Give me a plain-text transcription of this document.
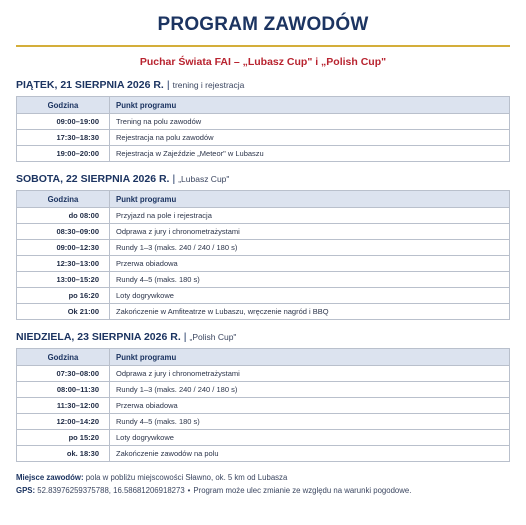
PROGRAM ZAWODÓW
Puchar Świata FAI – „Lubasz Cup" i „Polish Cup"
PIĄTEK, 21 SIERPNIA 2026 R. | trening i rejestracja
Godzina	Punkt programu
09:00–19:00	Trening na polu zawodów
17:30–18:30	Rejestracja na polu zawodów
19:00–20:00	Rejestracja w Zajeździe „Meteor" w Lubaszu
SOBOTA, 22 SIERPNIA 2026 R. | „Lubasz Cup"
Godzina	Punkt programu
do 08:00	Przyjazd na pole i rejestracja
08:30–09:00	Odprawa z jury i chronometrażystami
09:00–12:30	Rundy 1–3 (maks. 240 / 240 / 180 s)
12:30–13:00	Przerwa obiadowa
13:00–15:20	Rundy 4–5 (maks. 180 s)
po 16:20	Loty dogrywkowe
Ok 21:00	Zakończenie w Amfiteatrze w Lubaszu, wręczenie nagród i BBQ
NIEDZIELA, 23 SIERPNIA 2026 R. | „Polish Cup"
Godzina	Punkt programu
07:30–08:00	Odprawa z jury i chronometrażystami
08:00–11:30	Rundy 1–3 (maks. 240 / 240 / 180 s)
11:30–12:00	Przerwa obiadowa
12:00–14:20	Rundy 4–5 (maks. 180 s)
po 15:20	Loty dogrywkowe
ok. 18:30	Zakończenie zawodów na polu
Miejsce zawodów: pola w pobliżu miejscowości Sławno, ok. 5 km od Lubasza
GPS: 52.83976259375788, 16.58681206918273 • Program może ulec zmianie ze względu na warunki pogodowe.
